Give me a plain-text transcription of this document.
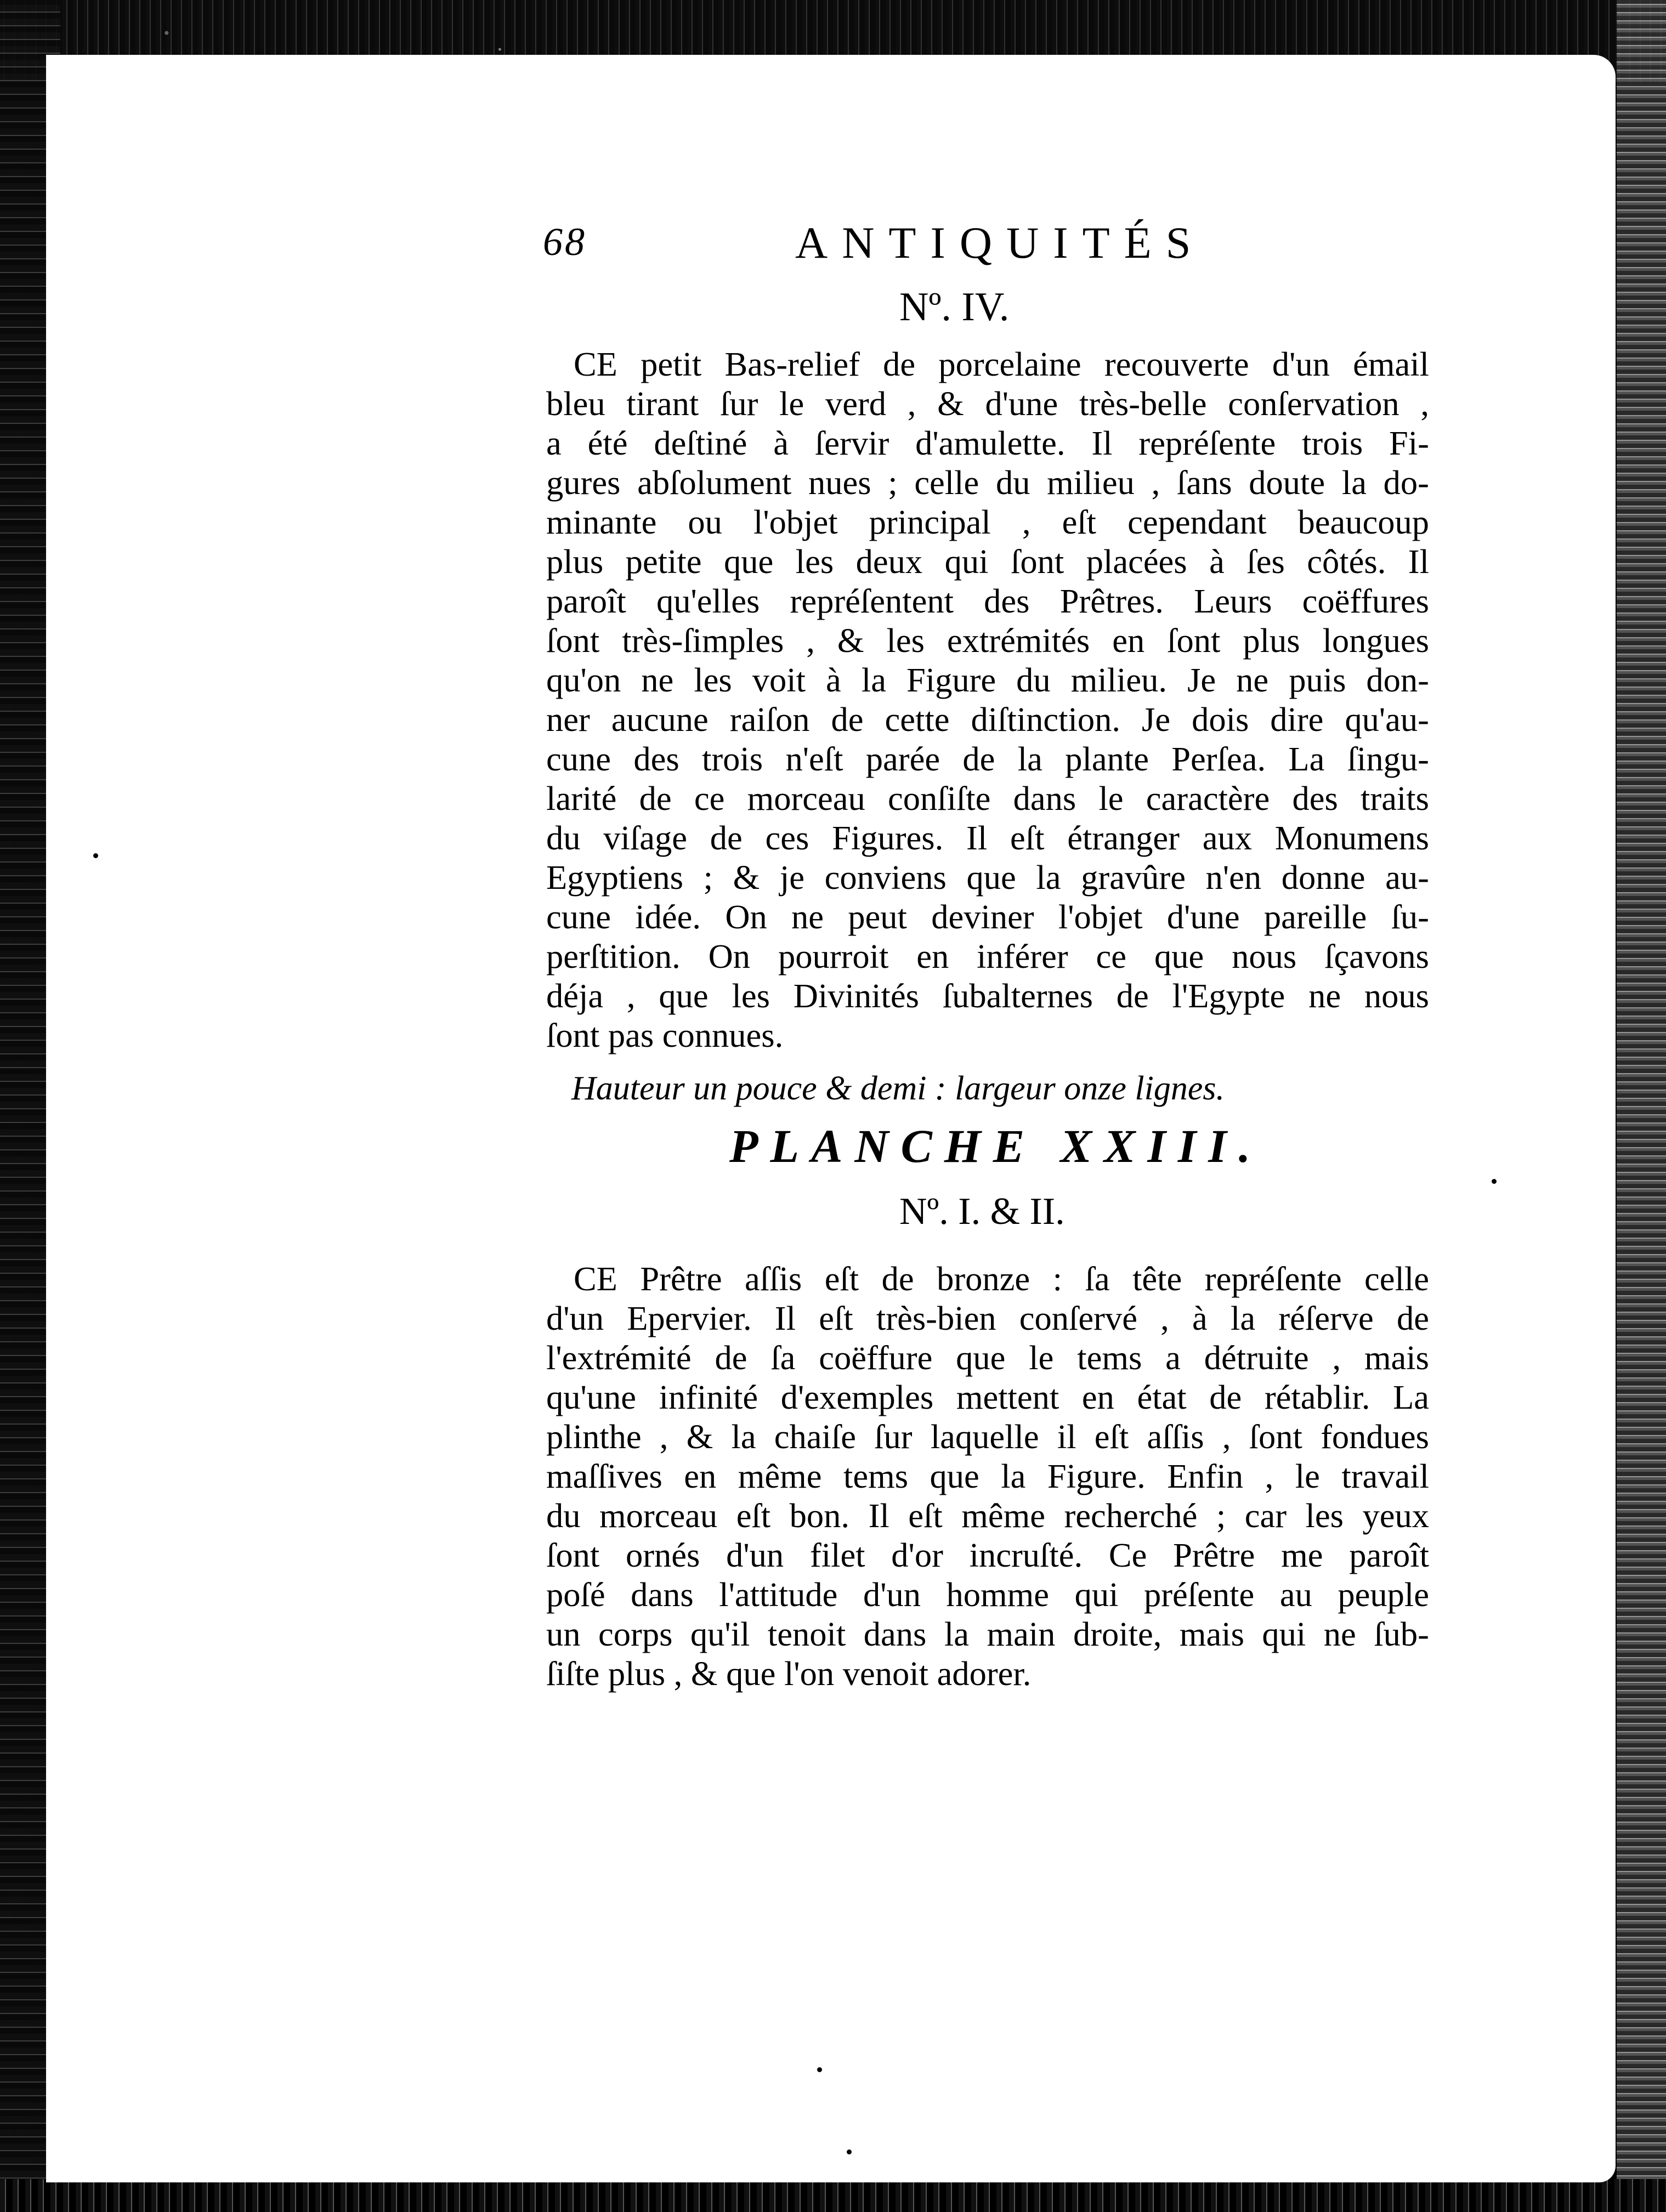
68	ANTIQUITÉS
Nº. IV.
CE petit Bas-relief de porcelaine recouverte d'un émail
bleu tirant ſur le verd , & d'une très-belle conſervation ,
a été deſtiné à ſervir d'amulette. Il repréſente trois Fi-
gures abſolument nues ; celle du milieu , ſans doute la do-
minante ou l'objet principal , eſt cependant beaucoup
plus petite que les deux qui ſont placées à ſes côtés. Il
paroît qu'elles repréſentent des Prêtres. Leurs coëffures
ſont très-ſimples , & les extrémités en ſont plus longues
qu'on ne les voit à la Figure du milieu. Je ne puis don-
ner aucune raiſon de cette diſtinction. Je dois dire qu'au-
cune des trois n'eſt parée de la plante Perſea. La ſingu-
larité de ce morceau conſiſte dans le caractère des traits
du viſage de ces Figures. Il eſt étranger aux Monumens
Egyptiens ; & je conviens que la gravûre n'en donne au-
cune idée. On ne peut deviner l'objet d'une pareille ſu-
perſtition. On pourroit en inférer ce que nous ſçavons
déja , que les Divinités ſubalternes de l'Egypte ne nous
ſont pas connues.
Hauteur un pouce & demi : largeur onze lignes.
PLANCHE XXIII.
Nº. I. & II.
CE Prêtre aſſis eſt de bronze : ſa tête repréſente celle
d'un Epervier. Il eſt très-bien conſervé , à la réſerve de
l'extrémité de ſa coëffure que le tems a détruite , mais
qu'une infinité d'exemples mettent en état de rétablir. La
plinthe , & la chaiſe ſur laquelle il eſt aſſis , ſont fondues
maſſives en même tems que la Figure. Enfin , le travail
du morceau eſt bon. Il eſt même recherché ; car les yeux
ſont ornés d'un filet d'or incruſté. Ce Prêtre me paroît
poſé dans l'attitude d'un homme qui préſente au peuple
un corps qu'il tenoit dans la main droite, mais qui ne ſub-
ſiſte plus , & que l'on venoit adorer.
